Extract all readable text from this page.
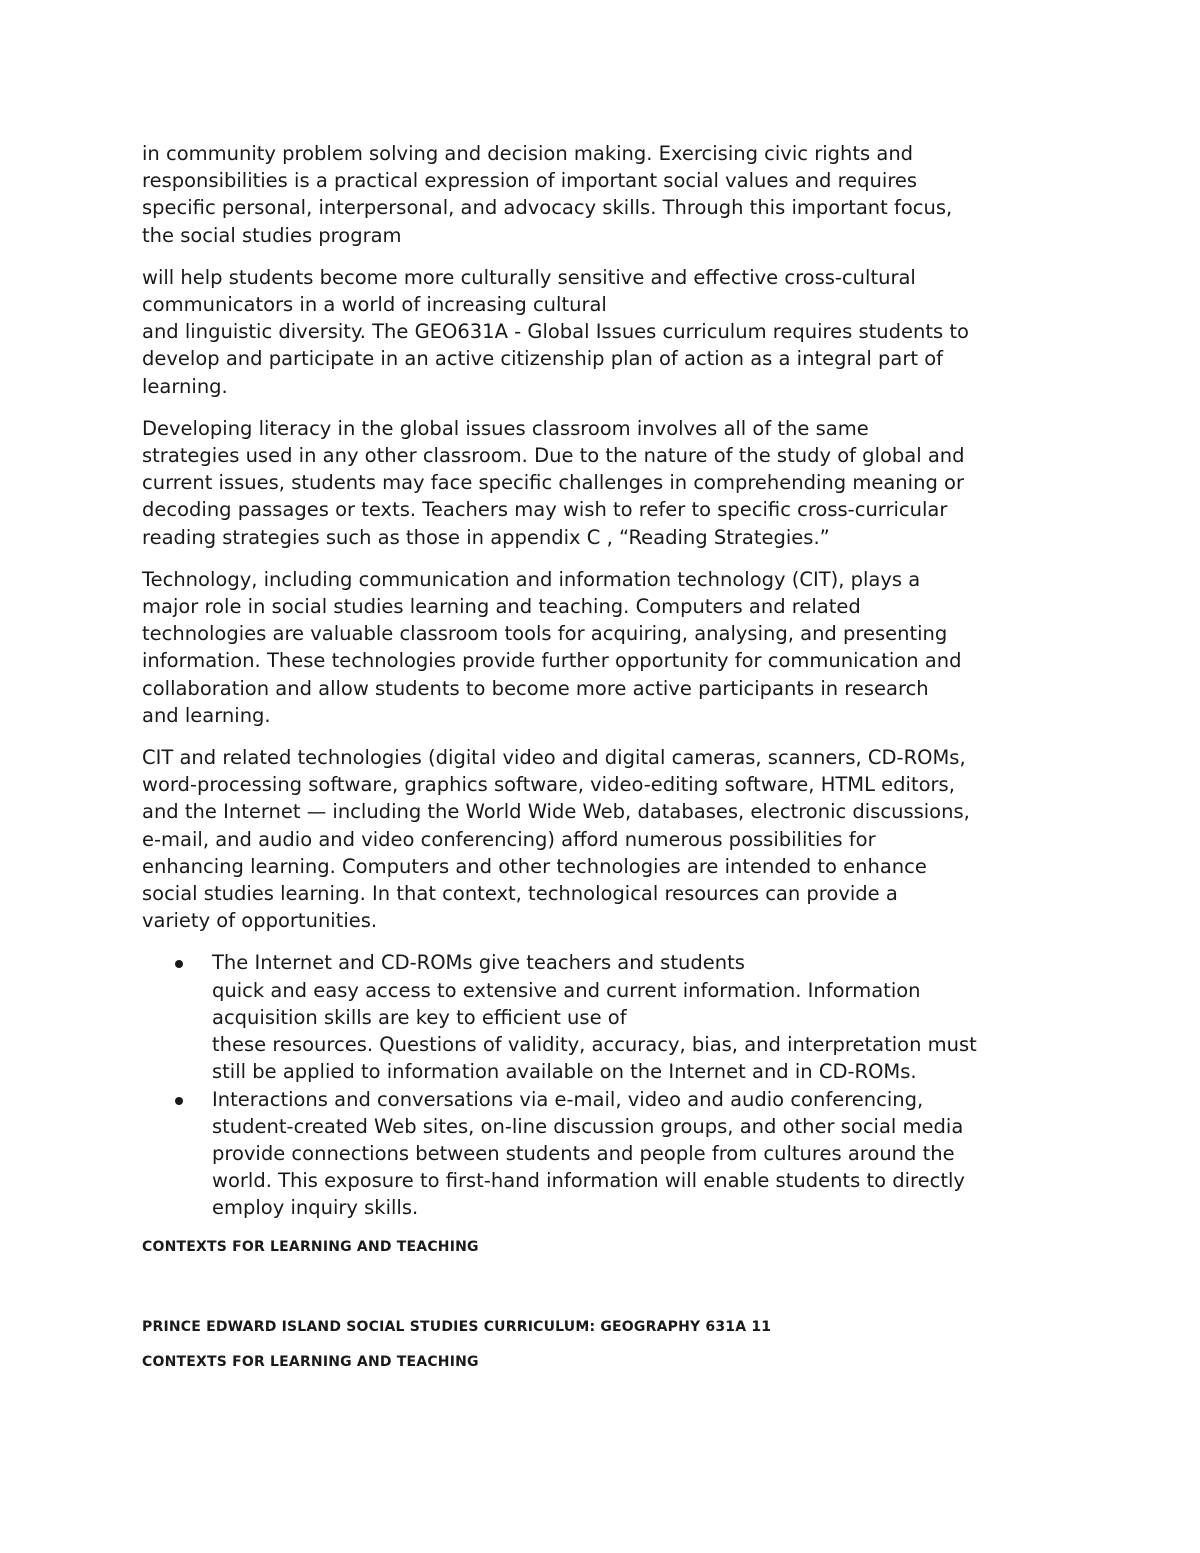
in community problem solving and decision making. Exercising civic rights and
responsibilities is a practical expression of important social values and requires
specific personal, interpersonal, and advocacy skills. Through this important focus,
the social studies program
will help students become more culturally sensitive and effective cross-cultural
communicators in a world of increasing cultural
and linguistic diversity. The GEO631A - Global Issues curriculum requires students to
develop and participate in an active citizenship plan of action as a integral part of
learning.
Developing literacy in the global issues classroom involves all of the same
strategies used in any other classroom. Due to the nature of the study of global and
current issues, students may face specific challenges in comprehending meaning or
decoding passages or texts. Teachers may wish to refer to specific cross-curricular
reading strategies such as those in appendix C , “Reading Strategies.”
Technology, including communication and information technology (CIT), plays a
major role in social studies learning and teaching. Computers and related
technologies are valuable classroom tools for acquiring, analysing, and presenting
information. These technologies provide further opportunity for communication and
collaboration and allow students to become more active participants in research
and learning.
CIT and related technologies (digital video and digital cameras, scanners, CD-ROMs,
word-processing software, graphics software, video-editing software, HTML editors,
and the Internet — including the World Wide Web, databases, electronic discussions,
e-mail, and audio and video conferencing) afford numerous possibilities for
enhancing learning. Computers and other technologies are intended to enhance
social studies learning. In that context, technological resources can provide a
variety of opportunities.
The Internet and CD-ROMs give teachers and students
quick and easy access to extensive and current information. Information
acquisition skills are key to efficient use of
these resources. Questions of validity, accuracy, bias, and interpretation must
still be applied to information available on the Internet and in CD-ROMs.
Interactions and conversations via e-mail, video and audio conferencing,
student-created Web sites, on-line discussion groups, and other social media
provide connections between students and people from cultures around the
world. This exposure to first-hand information will enable students to directly
employ inquiry skills.
CONTEXTS FOR LEARNING AND TEACHING
PRINCE EDWARD ISLAND SOCIAL STUDIES CURRICULUM: GEOGRAPHY 631A 11
CONTEXTS FOR LEARNING AND TEACHING
